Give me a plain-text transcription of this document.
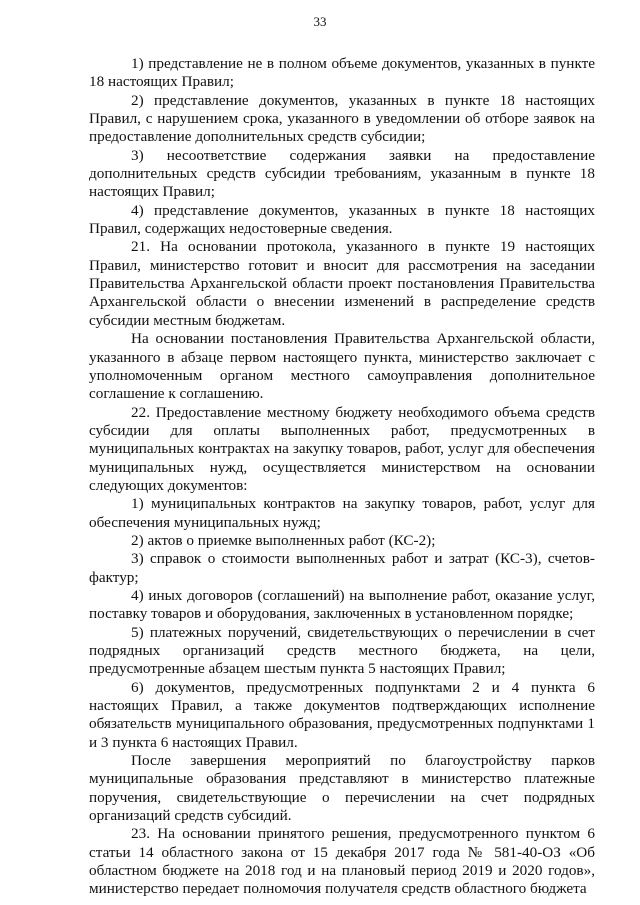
33

1) представление не в полном объеме документов, указанных в пункте 18 настоящих Правил;

2) представление документов, указанных в пункте 18 настоящих Правил, с нарушением срока, указанного в уведомлении об отборе заявок на предоставление дополнительных средств субсидии;

3) несоответствие содержания заявки на предоставление дополнительных средств субсидии требованиям, указанным в пункте 18 настоящих Правил;

4) представление документов, указанных в пункте 18 настоящих Правил, содержащих недостоверные сведения.

21. На основании протокола, указанного в пункте 19 настоящих Правил, министерство готовит и вносит для рассмотрения на заседании Правительства Архангельской области проект постановления Правительства Архангельской области о внесении изменений в распределение средств субсидии местным бюджетам.

На основании постановления Правительства Архангельской области, указанного в абзаце первом настоящего пункта, министерство заключает с уполномоченным органом местного самоуправления дополнительное соглашение к соглашению.

22. Предоставление местному бюджету необходимого объема средств субсидии для оплаты выполненных работ, предусмотренных в муниципальных контрактах на закупку товаров, работ, услуг для обеспечения муниципальных нужд, осуществляется министерством на основании следующих документов:

1) муниципальных контрактов на закупку товаров, работ, услуг для обеспечения муниципальных нужд;

2) актов о приемке выполненных работ (КС-2);

3) справок о стоимости выполненных работ и затрат (КС-3), счетов-фактур;

4) иных договоров (соглашений) на выполнение работ, оказание услуг, поставку товаров и оборудования, заключенных в установленном порядке;

5) платежных поручений, свидетельствующих о перечислении в счет подрядных организаций средств местного бюджета, на цели, предусмотренные абзацем шестым пункта 5 настоящих Правил;

6) документов, предусмотренных подпунктами 2 и 4 пункта 6 настоящих Правил, а также документов подтверждающих исполнение обязательств муниципального образования, предусмотренных подпунктами 1 и 3 пункта 6 настоящих Правил.

После завершения мероприятий по благоустройству парков муниципальные образования представляют в министерство платежные поручения, свидетельствующие о перечислении на счет подрядных организаций средств субсидий.

23. На основании принятого решения, предусмотренного пунктом 6 статьи 14 областного закона от 15 декабря 2017 года № 581-40-ОЗ «Об областном бюджете на 2018 год и на плановый период 2019 и 2020 годов», министерство передает полномочия получателя средств областного бюджета
